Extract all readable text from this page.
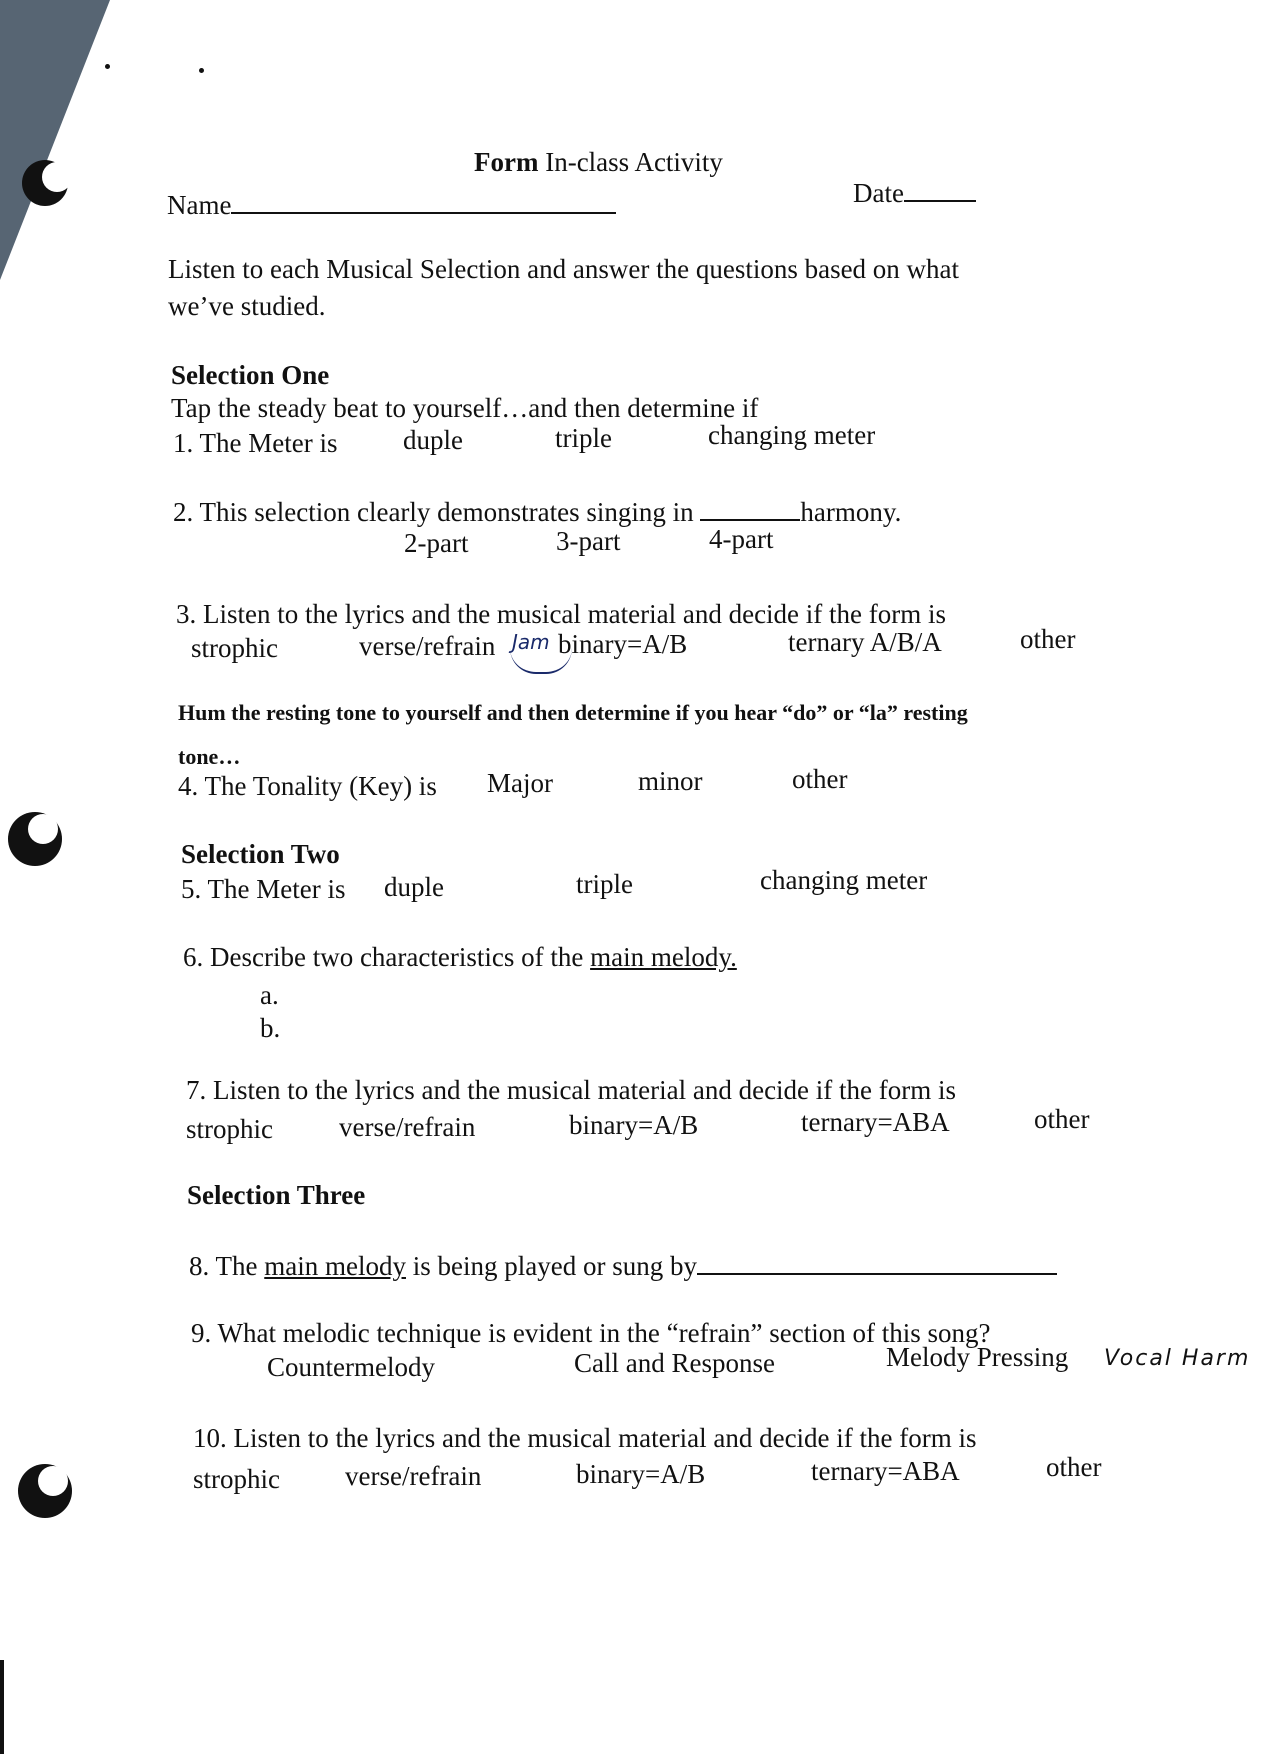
Form In-class Activity
Name	Date
Listen to each Musical Selection and answer the questions based on what
we’ve studied.
Selection One
Tap the steady beat to yourself…and then determine if
1. The Meter is duple	triple	changing meter
2. This selection clearly demonstrates singing in	harmony.
2-part	3-part	4-part
3. Listen to the lyrics and the musical material and decide if the form is
strophic	verse/refrain Jam binary=A/B	ternary A/B/A	other
Hum the resting tone to yourself and then determine if you hear “do” or “la” resting
tone…
4. The Tonality (Key) is Major	minor	other
Selection Two
5. The Meter is duple	triple	changing meter
6. Describe two characteristics of the main melody.
a.
b.
7. Listen to the lyrics and the musical material and decide if the form is
strophic verse/refrain	binary=A/B	ternary=ABA	other
Selection Three
8. The main melody is being played or sung by
9. What melodic technique is evident in the “refrain” section of this song?
Countermelody	Call and Response	Melody Pressing Vocal Harm
10. Listen to the lyrics and the musical material and decide if the form is
strophic verse/refrain	binary=A/B	ternary=ABA	other
